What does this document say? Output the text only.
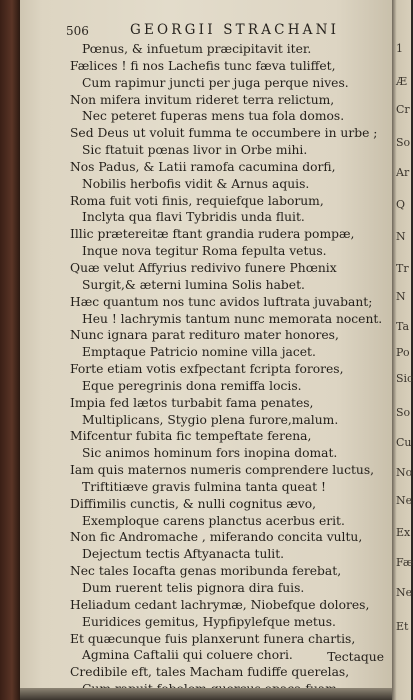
506	GEORGII STRACHANI
Pœnus, & infuetum præcipitavit iter.
Fælices ! fi nos Lachefis tunc fæva tuliffet,
Cum rapimur juncti per juga perque nives.
Non mifera invitum rideret terra relictum,
Nec peteret fuperas mens tua fola domos.
Sed Deus ut voluit fumma te occumbere in urbe ;
Sic ftatuit pœnas livor in Orbe mihi.
Nos Padus, & Latii ramofa cacumina dorfi,
Nobilis herbofis vidit & Arnus aquis.
Roma fuit voti finis, requiefque laborum,
Inclyta qua flavi Tybridis unda fluit.
Illic prætereitæ ftant grandia rudera pompæ,
Inque nova tegitur Roma fepulta vetus.
Quæ velut Affyrius redivivo funere Phœnix
Surgit,& æterni lumina Solis habet.
Hæc quantum nos tunc avidos luftrata juvabant;
Heu ! lachrymis tantum nunc memorata nocent.
Nunc ignara parat redituro mater honores,
Emptaque Patricio nomine villa jacet.
Forte etiam votis exfpectant fcripta forores,
Eque peregrinis dona remiffa locis.
Impia fed lætos turbabit fama penates,
Multiplicans, Stygio plena furore,malum.
Mifcentur fubita fic tempeftate ferena,
Sic animos hominum fors inopina domat.
Iam quis maternos numeris comprendere luctus,
Triftitiæve gravis fulmina tanta queat !
Diffimilis cunctis, & nulli cognitus ævo,
Exemploque carens planctus acerbus erit.
Non fic Andromache , miferando concita vultu,
Dejectum tectis Aftyanacta tulit.
Nec tales Iocafta genas moribunda ferebat,
Dum ruerent telis pignora dira fuis.
Heliadum cedant lachrymæ, Niobefque dolores,
Euridices gemitus, Hypfipylefque metus.
Et quæcunque fuis planxerunt funera chartis,
Agmina Caftalii qui coluere chori.
Credibile eft, tales Macham fudiffe querelas,
Tectaque
1
Æ
Cr
So
Ar
Q
N
Tr
N
Ta
Po
Sic
So
Cu
No
Ne
Ex
Fæ
Ne
Et
